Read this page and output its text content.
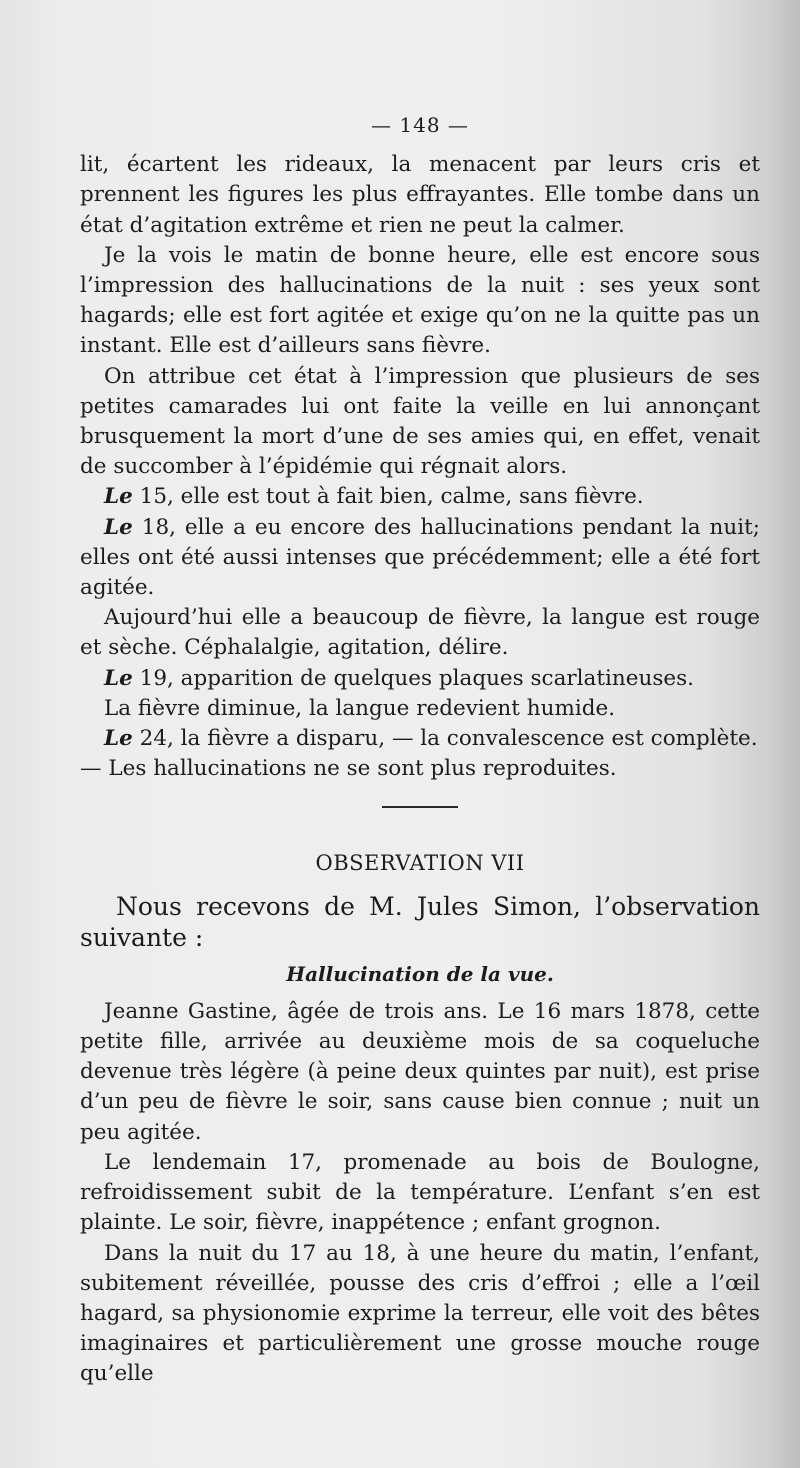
— 148 —

lit, écartent les rideaux, la menacent par leurs cris et prennent les figures les plus effrayantes. Elle tombe dans un état d’agitation extrême et rien ne peut la calmer.

Je la vois le matin de bonne heure, elle est encore sous l’impression des hallucinations de la nuit : ses yeux sont hagards; elle est fort agitée et exige qu’on ne la quitte pas un instant. Elle est d’ailleurs sans fièvre.

On attribue cet état à l’impression que plusieurs de ses petites camarades lui ont faite la veille en lui annonçant brusquement la mort d’une de ses amies qui, en effet, venait de succomber à l’épidémie qui régnait alors.

Le 15, elle est tout à fait bien, calme, sans fièvre.

Le 18, elle a eu encore des hallucinations pendant la nuit; elles ont été aussi intenses que précédemment; elle a été fort agitée.

Aujourd’hui elle a beaucoup de fièvre, la langue est rouge et sèche. Céphalalgie, agitation, délire.

Le 19, apparition de quelques plaques scarlatineuses.

La fièvre diminue, la langue redevient humide.

Le 24, la fièvre a disparu, — la convalescence est complète.

— Les hallucinations ne se sont plus reproduites.

OBSERVATION VII

Nous recevons de M. Jules Simon, l’observation suivante :

Hallucination de la vue.

Jeanne Gastine, âgée de trois ans. Le 16 mars 1878, cette petite fille, arrivée au deuxième mois de sa coqueluche devenue très légère (à peine deux quintes par nuit), est prise d’un peu de fièvre le soir, sans cause bien connue ; nuit un peu agitée.

Le lendemain 17, promenade au bois de Boulogne, refroidissement subit de la température. L’enfant s’en est plainte. Le soir, fièvre, inappétence ; enfant grognon.

Dans la nuit du 17 au 18, à une heure du matin, l’enfant, subitement réveillée, pousse des cris d’effroi ; elle a l’œil hagard, sa physionomie exprime la terreur, elle voit des bêtes imaginaires et particulièrement une grosse mouche rouge qu’elle
